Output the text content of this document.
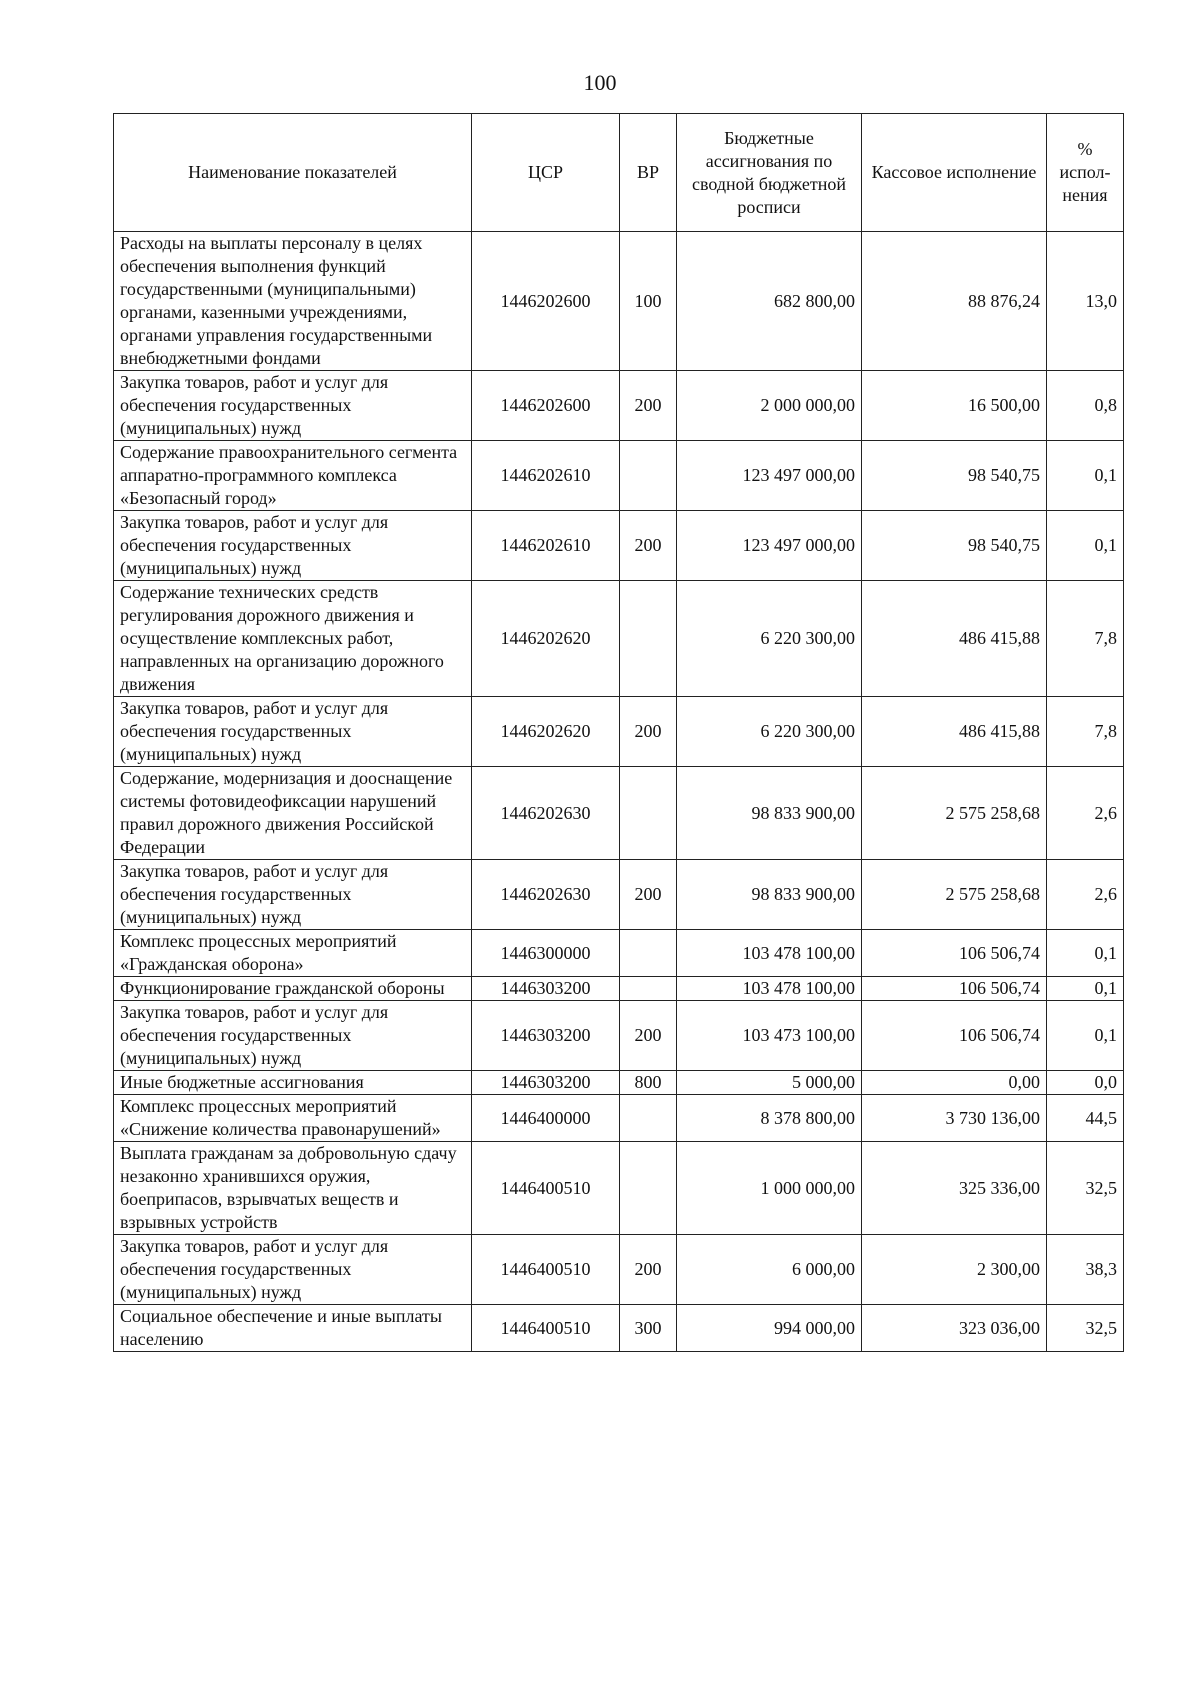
100
Наименование показателей	ЦСР	ВР	Бюджетные ассигнования по сводной бюджетной росписи	Кассовое исполнение	% испол-нения
Расходы на выплаты персоналу в целях обеспечения выполнения функций государственными (муниципальными) органами, казенными учреждениями, органами управления государственными внебюджетными фондами	1446202600	100	682 800,00	88 876,24	13,0
Закупка товаров, работ и услуг для обеспечения государственных (муниципальных) нужд	1446202600	200	2 000 000,00	16 500,00	0,8
Содержание правоохранительного сегмента аппаратно-программного комплекса «Безопасный город»	1446202610		123 497 000,00	98 540,75	0,1
Закупка товаров, работ и услуг для обеспечения государственных (муниципальных) нужд	1446202610	200	123 497 000,00	98 540,75	0,1
Содержание технических средств регулирования дорожного движения и осуществление комплексных работ, направленных на организацию дорожного движения	1446202620		6 220 300,00	486 415,88	7,8
Закупка товаров, работ и услуг для обеспечения государственных (муниципальных) нужд	1446202620	200	6 220 300,00	486 415,88	7,8
Содержание, модернизация и дооснащение системы фотовидеофиксации нарушений правил дорожного движения Российской Федерации	1446202630		98 833 900,00	2 575 258,68	2,6
Закупка товаров, работ и услуг для обеспечения государственных (муниципальных) нужд	1446202630	200	98 833 900,00	2 575 258,68	2,6
Комплекс процессных мероприятий «Гражданская оборона»	1446300000		103 478 100,00	106 506,74	0,1
Функционирование гражданской обороны	1446303200		103 478 100,00	106 506,74	0,1
Закупка товаров, работ и услуг для обеспечения государственных (муниципальных) нужд	1446303200	200	103 473 100,00	106 506,74	0,1
Иные бюджетные ассигнования	1446303200	800	5 000,00	0,00	0,0
Комплекс процессных мероприятий «Снижение количества правонарушений»	1446400000		8 378 800,00	3 730 136,00	44,5
Выплата гражданам за добровольную сдачу незаконно хранившихся оружия, боеприпасов, взрывчатых веществ и взрывных устройств	1446400510		1 000 000,00	325 336,00	32,5
Закупка товаров, работ и услуг для обеспечения государственных (муниципальных) нужд	1446400510	200	6 000,00	2 300,00	38,3
Социальное обеспечение и иные выплаты населению	1446400510	300	994 000,00	323 036,00	32,5
